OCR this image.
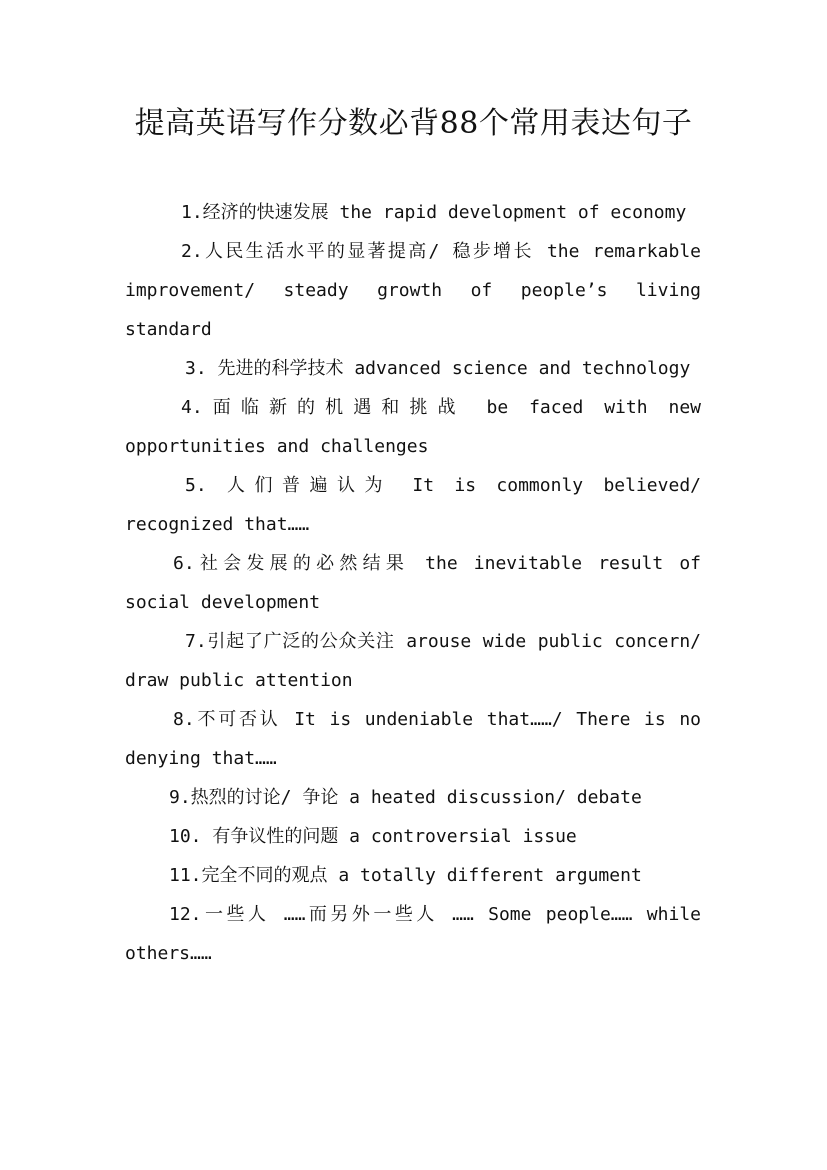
提高英语写作分数必背88个常用表达句子

1.经济的快速发展 the rapid development of economy

2.人民生活水平的显著提高/ 稳步增长 the remarkable improvement/ steady growth of people’s living standard

3. 先进的科学技术 advanced science and technology

4.面临新的机遇和挑战 be faced with new opportunities and challenges

5. 人们普遍认为 It is commonly believed/ recognized that……

6.社会发展的必然结果 the inevitable result of social development

7.引起了广泛的公众关注 arouse wide public concern/ draw public attention

8.不可否认 It is undeniable that……/ There is no denying that……

9.热烈的讨论/ 争论 a heated discussion/ debate

10. 有争议性的问题 a controversial issue

11.完全不同的观点 a totally different argument

12.一些人 ……而另外一些人 …… Some people…… while others……
